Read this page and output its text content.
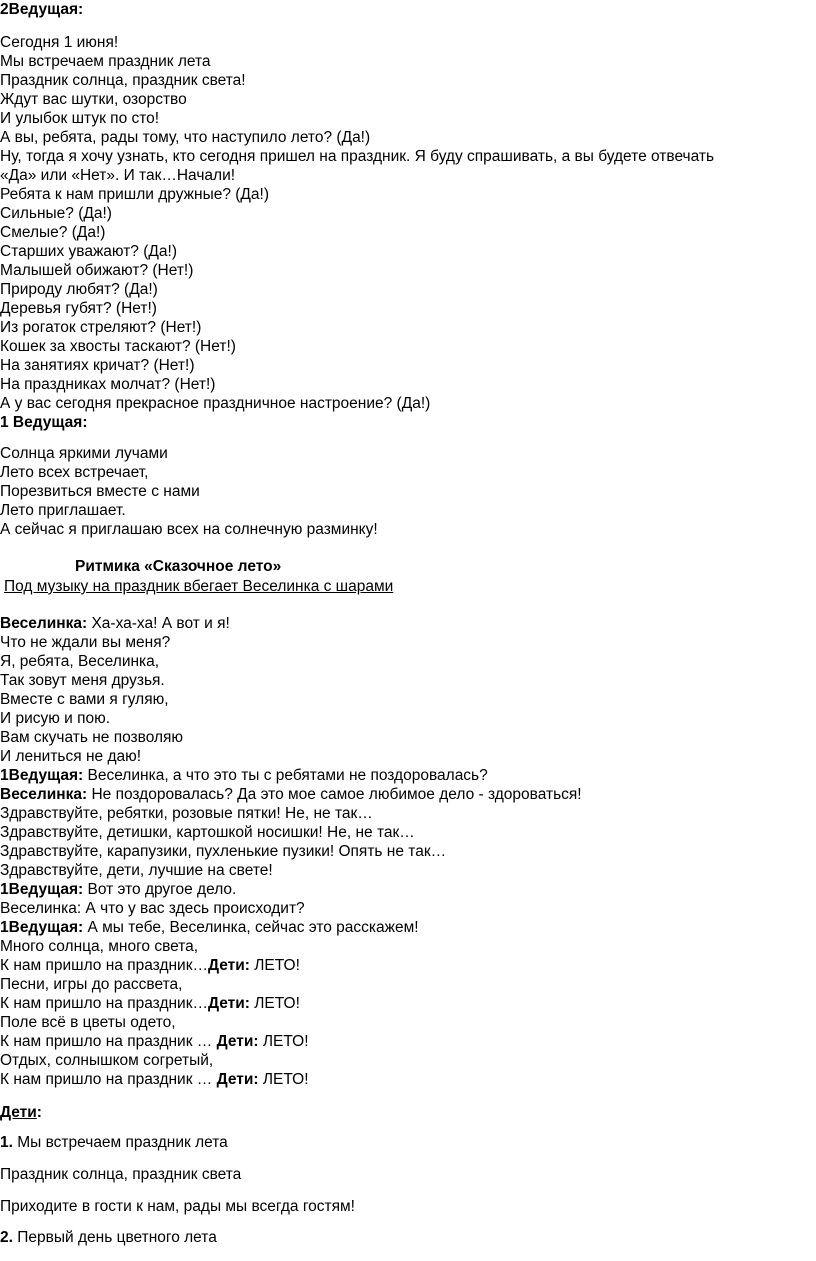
2Ведущая:
Сегодня 1 июня!
Мы встречаем праздник лета
Праздник солнца, праздник света!
Ждут вас шутки, озорство
И улыбок штук по сто!
А вы, ребята, рады тому, что наступило лето? (Да!)
Ну, тогда я хочу узнать, кто сегодня пришел на праздник. Я буду спрашивать, а вы будете отвечать
«Да» или «Нет». И так…Начали!
Ребята к нам пришли дружные? (Да!)
Сильные? (Да!)
Смелые? (Да!)
Старших уважают? (Да!)
Малышей обижают? (Нет!)
Природу любят? (Да!)
Деревья губят? (Нет!)
Из рогаток стреляют? (Нет!)
Кошек за хвосты таскают? (Нет!)
На занятиях кричат? (Нет!)
На праздниках молчат? (Нет!)
А у вас сегодня прекрасное праздничное настроение? (Да!)
1 Ведущая:
Солнца яркими лучами
Лето всех встречает,
Порезвиться вместе с нами
Лето приглашает.
А сейчас я приглашаю всех на солнечную разминку!
Ритмика «Сказочное лето»
Под музыку на праздник вбегает Веселинка с шарами
Веселинка: Ха-ха-ха! А вот и я!
Что не ждали вы меня?
Я, ребята, Веселинка,
Так зовут меня друзья.
Вместе с вами я гуляю,
И рисую и пою.
Вам скучать не позволяю
И лениться не даю!
1Ведущая: Веселинка, а что это ты с ребятами не поздоровалась?
Веселинка: Не поздоровалась? Да это мое самое любимое дело - здороваться!
Здравствуйте, ребятки, розовые пятки! Не, не так…
Здравствуйте, детишки, картошкой носишки! Не, не так…
Здравствуйте, карапузики, пухленькие пузики! Опять не так…
Здравствуйте, дети, лучшие на свете!
1Ведущая: Вот это другое дело.
Веселинка: А что у вас здесь происходит?
1Ведущая: А мы тебе, Веселинка, сейчас это расскажем!
Много солнца, много света,
К нам пришло на праздник…Дети: ЛЕТО!
Песни, игры до рассвета,
К нам пришло на праздник…Дети: ЛЕТО!
Поле всё в цветы одето,
К нам пришло на праздник … Дети: ЛЕТО!
Отдых, солнышком согретый,
К нам пришло на праздник … Дети: ЛЕТО!
Дети:
1. Мы встречаем праздник лета
Праздник солнца, праздник света
Приходите в гости к нам, рады мы всегда гостям!
2. Первый день цветного лета
